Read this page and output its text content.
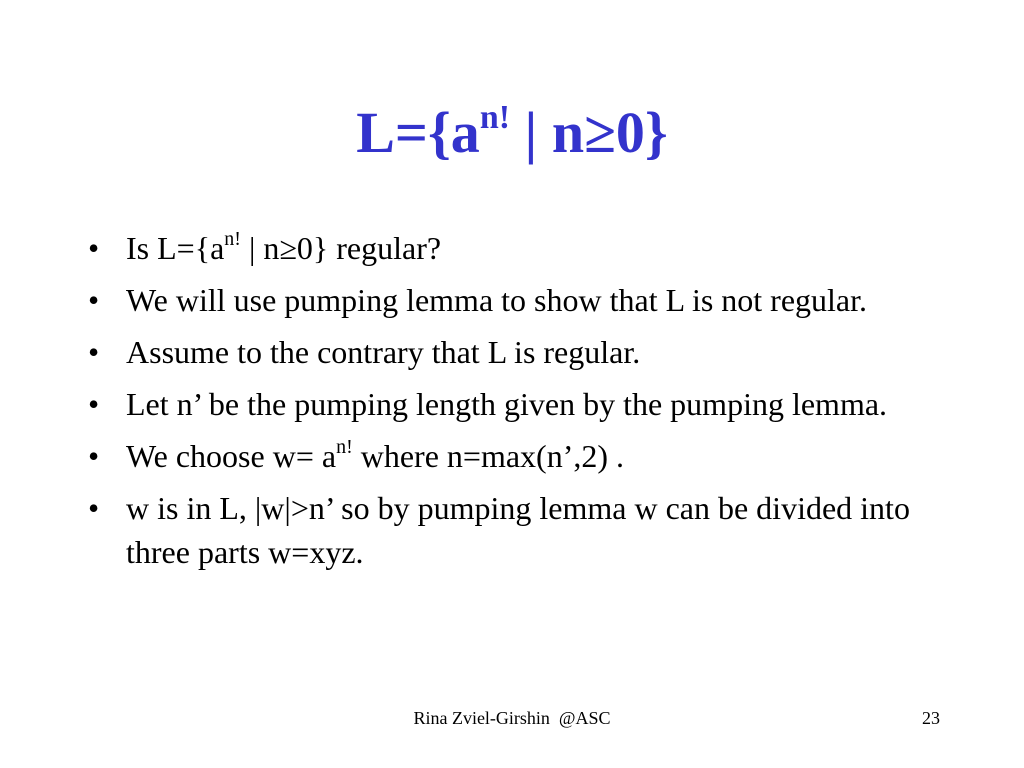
$L=\{a^{n!}$ | n≥0}
• Is $L=\{a^{n!}$ | n≥0} regular?
• We will use pumping lemma to show that L is not regular.
• Assume to the contrary that L is regular.
• Let n’ be the pumping length given by the pumping lemma.
• We choose $w= a^{n!}$ where n=max(n’,2) .
• w is in L, |w|>n’ so by pumping lemma w can be divided into three parts w=xyz.
Rina Zviel-Girshin  @ASC	23
